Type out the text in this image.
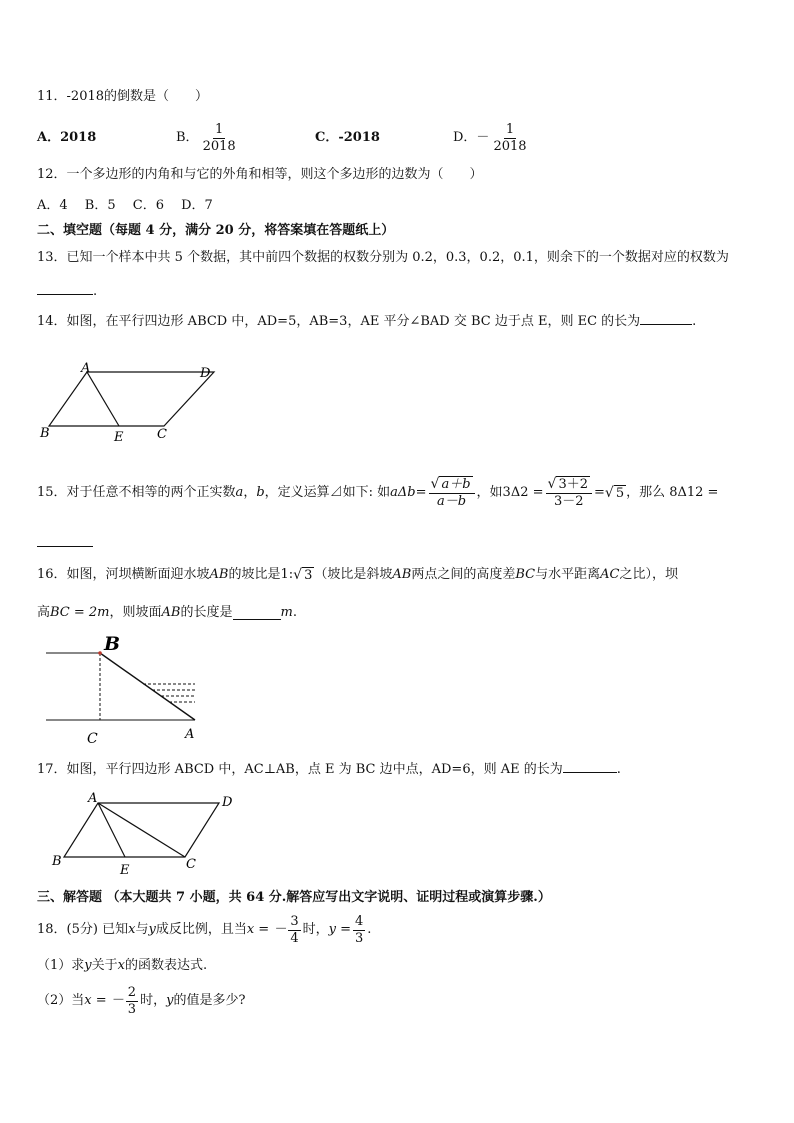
11．-2018的倒数是（　　）
A．2018	B． $\frac{1}{2018}$	C．-2018	D．－ $\frac{1}{2018}$
12．一个多边形的内角和与它的外角和相等，则这个多边形的边数为（　　）
A．4　 B．5　 C．6　 D．7
二、填空题（每题 4 分，满分 20 分，将答案填在答题纸上）
13．已知一个样本中共 5 个数据，其中前四个数据的权数分别为 0.2，0.3，0.2，0.1，则余下的一个数据对应的权数为
.
14．如图，在平行四边形 ABCD 中，AD=5，AB=3，AE 平分∠BAD 交 BC 边于点 E，则 EC 的长为	.
A	D
B	E	C
15．对于任意不相等的两个正实数 a ， b ，定义运算⊿如下: 如 $a\Delta b = \frac{√ a+b}{a-b}$ ，如$3\Delta 2 = \frac{√ 3+2}{3-2}$ = √ 5 ，那么 8Δ12 =
16．如图，河坝横断面迎水坡 AB 的坡比是 1: √ 3 （坡比是斜坡 AB 两点之间的高度差 BC 与水平距离 AC 之比），坝
高 BC = 2m ，则坡面 AB 的长度是	m .
B
C	A
17．如图，平行四边形 ABCD 中，AC⊥AB，点 E 为 BC 边中点，AD=6，则 AE 的长为	.
A	D
B
E	C
三、解答题 （本大题共 7 小题，共 64 分.解答应写出文字说明、证明过程或演算步骤.）
18．(5分) 已知 x 与 y 成反比例，且当 x = － $\frac{3}{4}$ 时， $y = \frac{4}{3}$ .
（1）求 y 关于 x 的函数表达式.
（2）当 x = － $\frac{2}{3}$ 时， y 的值是多少?
